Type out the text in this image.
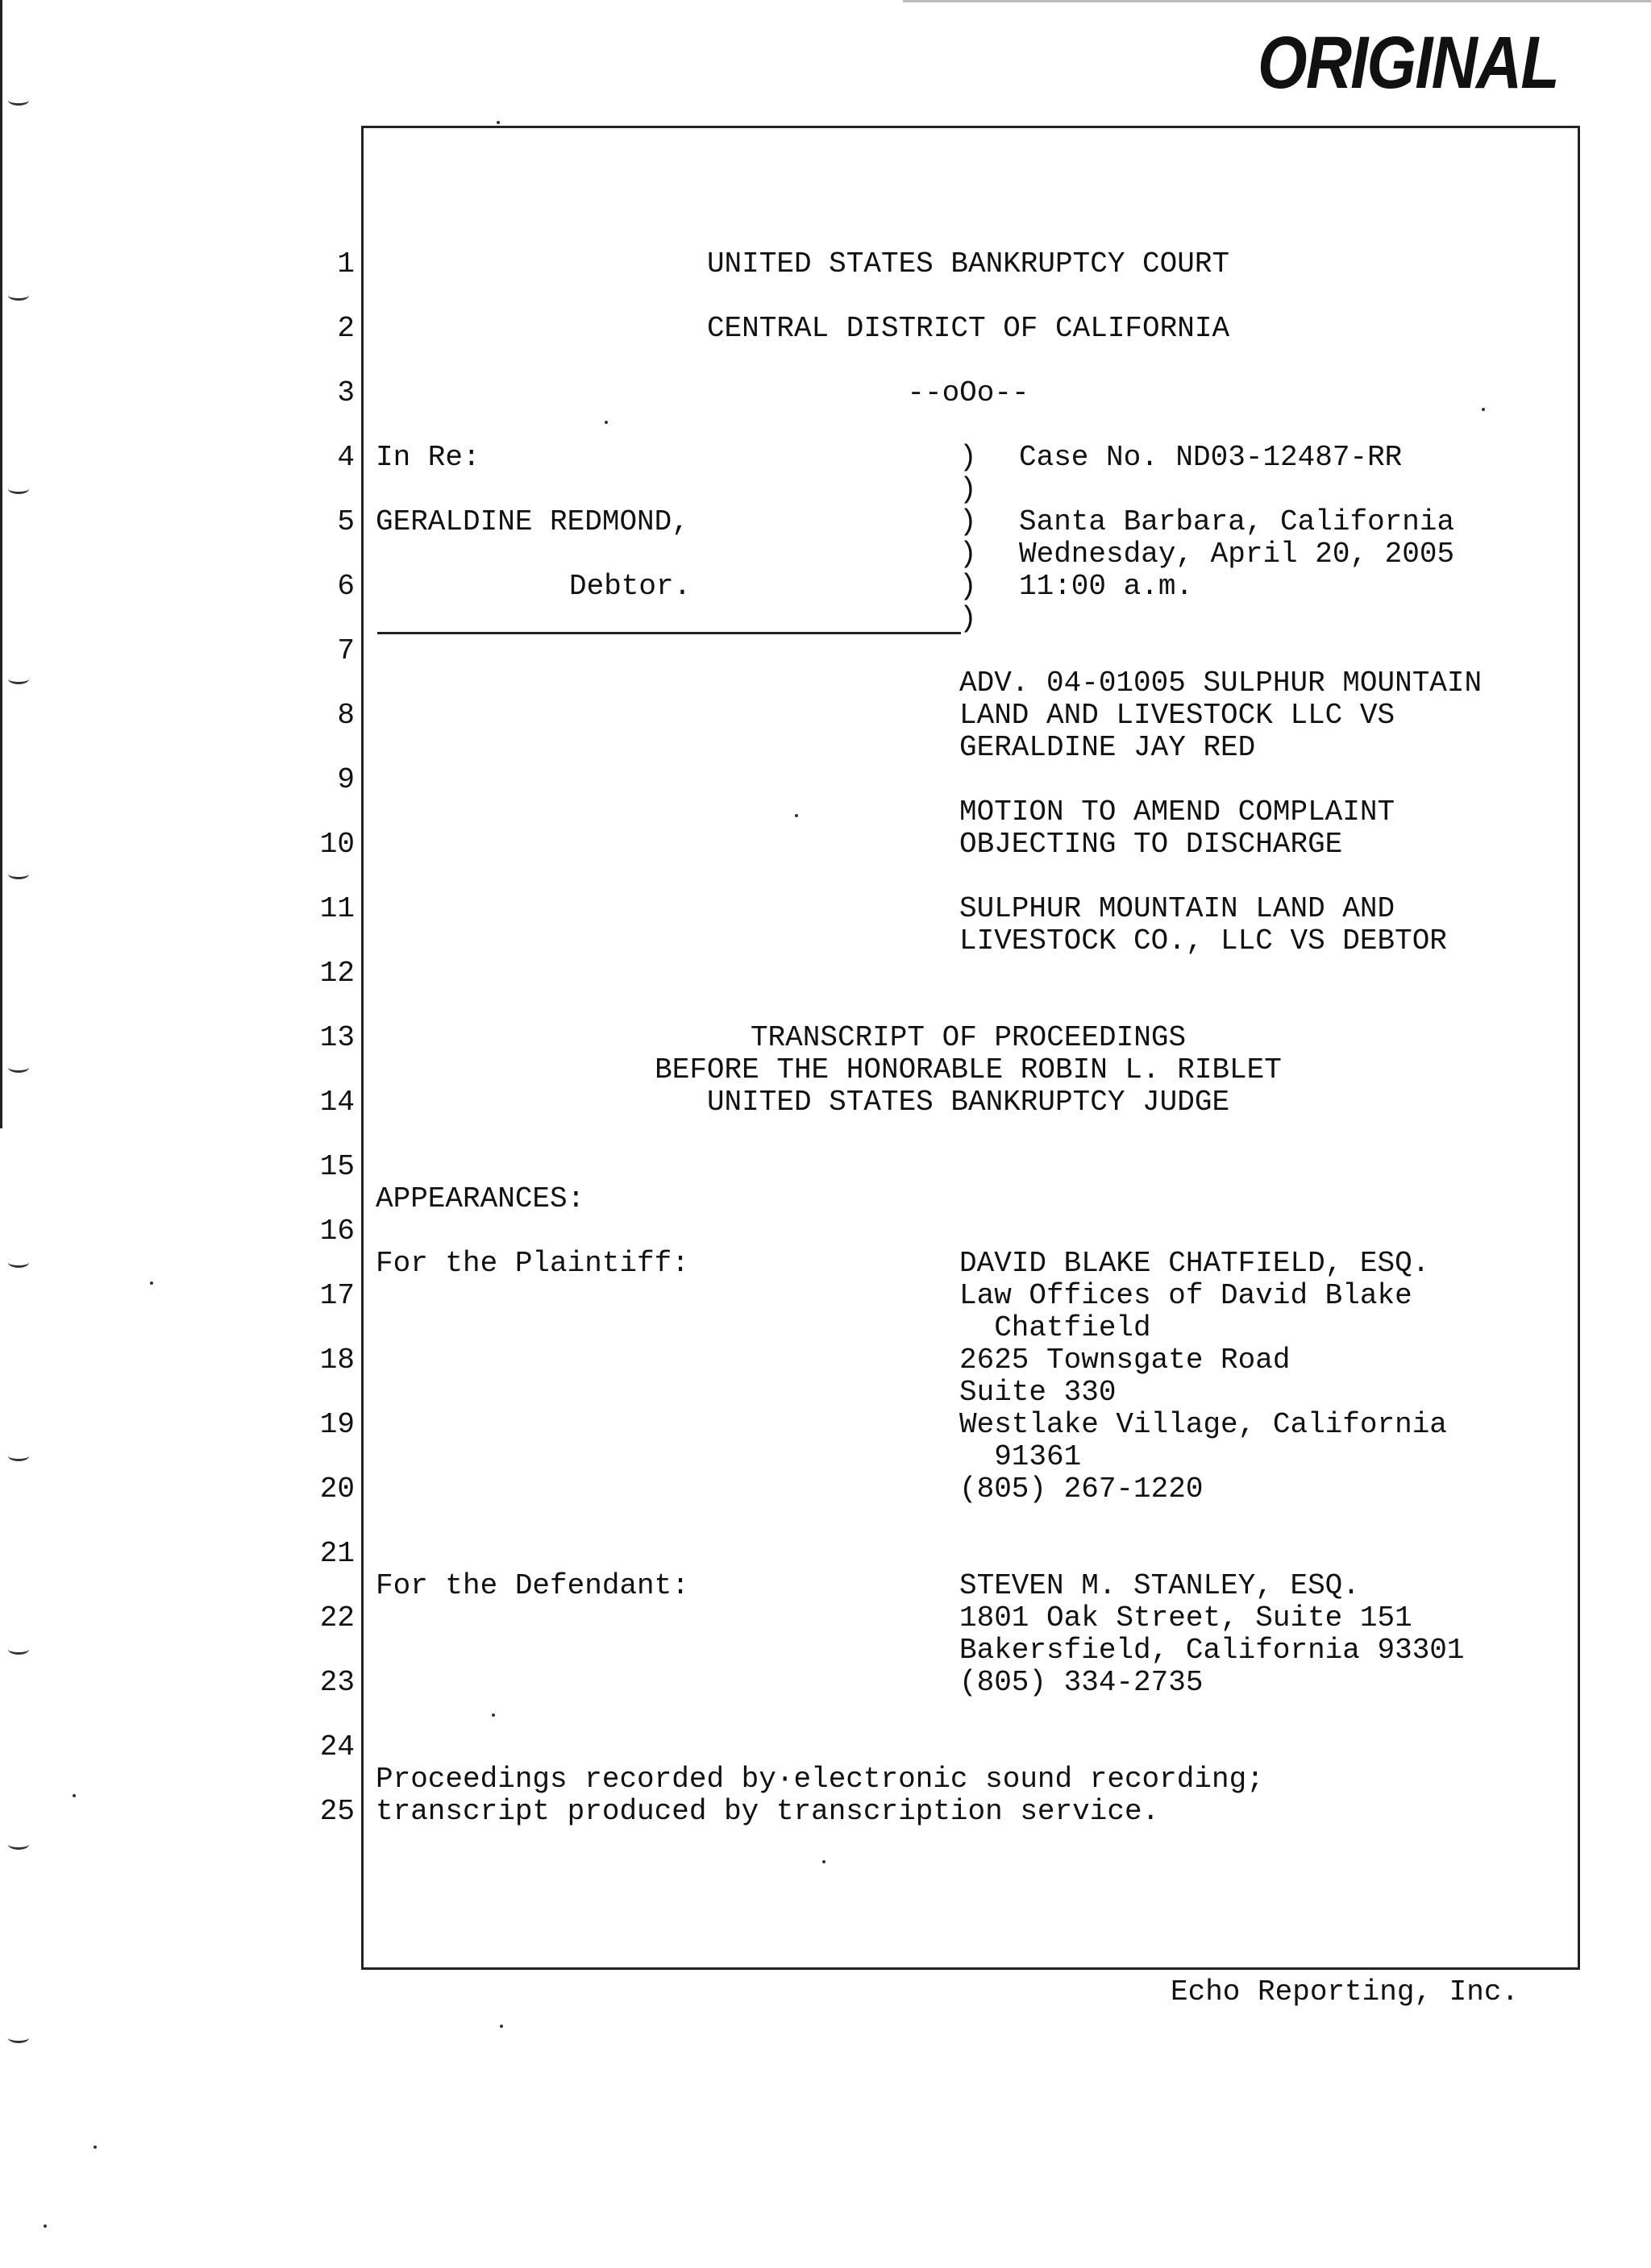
ORIGINAL
1
2
3
4
5
6
7
8
9
10
11
12
13
14
15
16
17
18
19
20
21
22
23
24
25
UNITED STATES BANKRUPTCY COURT
CENTRAL DISTRICT OF CALIFORNIA
--oOo--
In Re:
GERALDINE REDMOND,
Debtor.
)
)
)
)
)
)
Case No. ND03-12487-RR
Santa Barbara, California
Wednesday, April 20, 2005
11:00 a.m.
ADV. 04-01005 SULPHUR MOUNTAIN
LAND AND LIVESTOCK LLC VS
GERALDINE JAY RED
MOTION TO AMEND COMPLAINT
OBJECTING TO DISCHARGE
SULPHUR MOUNTAIN LAND AND
LIVESTOCK CO., LLC VS DEBTOR
TRANSCRIPT OF PROCEEDINGS
BEFORE THE HONORABLE ROBIN L. RIBLET
UNITED STATES BANKRUPTCY JUDGE
APPEARANCES:
For the Plaintiff:	DAVID BLAKE CHATFIELD, ESQ.
Law Offices of David Blake
Chatfield
2625 Townsgate Road
Suite 330
Westlake Village, California
91361
(805) 267-1220
For the Defendant:	STEVEN M. STANLEY, ESQ.
1801 Oak Street, Suite 151
Bakersfield, California 93301
(805) 334-2735
Proceedings recorded by·electronic sound recording;
transcript produced by transcription service.
Echo Reporting, Inc.
